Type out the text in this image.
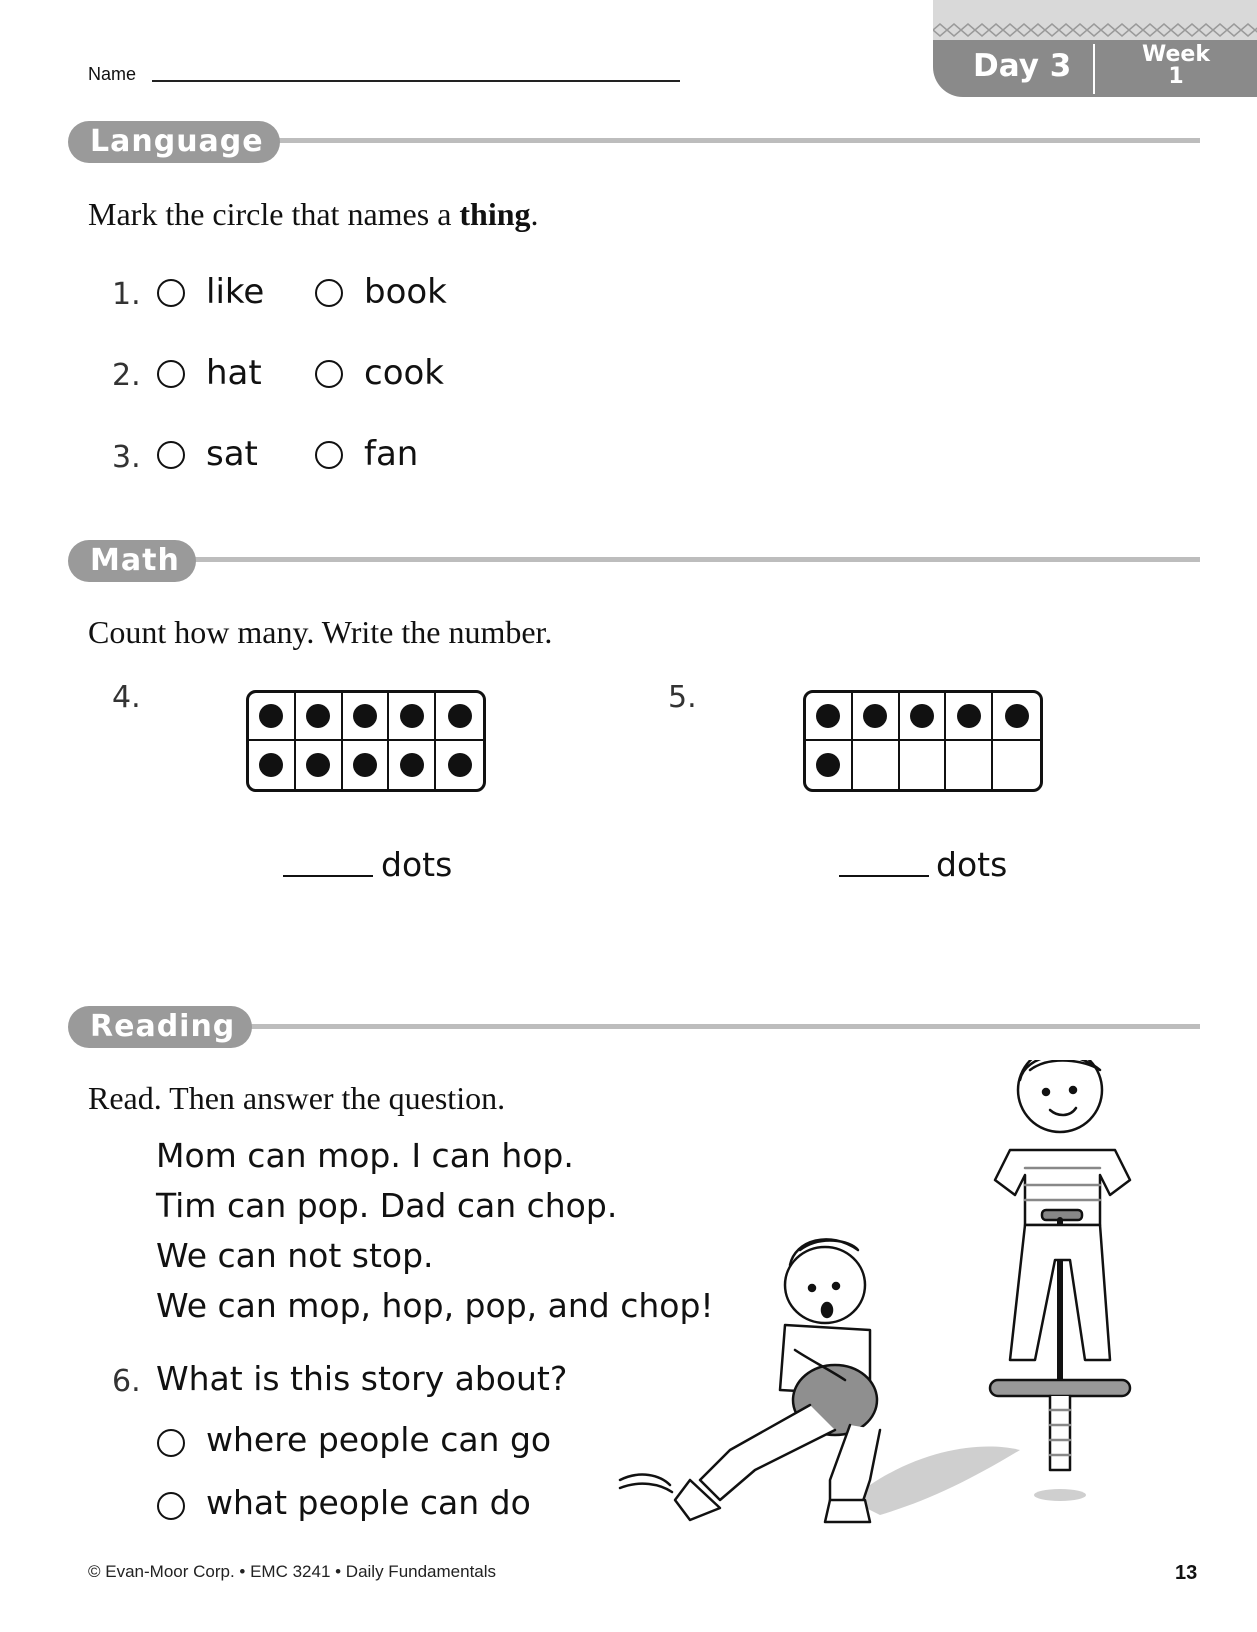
Name	Day 3	Week
1
Language
Mark the circle that names a thing.
1. like	book
2. hat	cook
3. sat	fan
Math
Count how many. Write the number.
4.	5.
dots	dots
Reading
Read. Then answer the question.
Mom can mop. I can hop.
Tim can pop. Dad can chop.
We can not stop.
We can mop, hop, pop, and chop!
6. What is this story about?
where people can go
what people can do
© Evan-Moor Corp. • EMC 3241 • Daily Fundamentals	13
